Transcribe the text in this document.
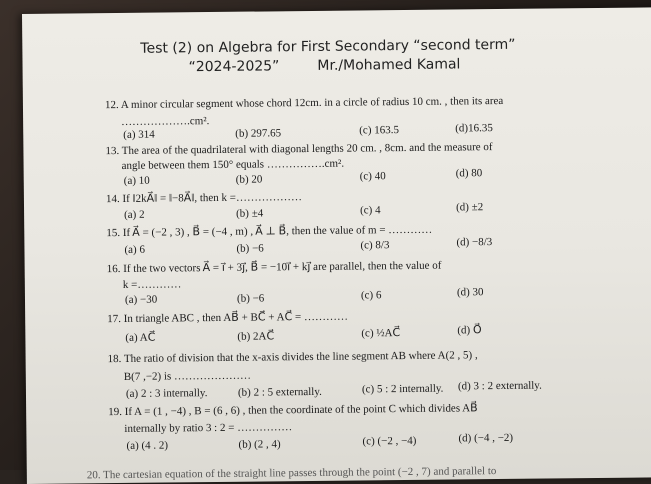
Test (2) on Algebra for First Secondary “second term”
“2024-2025”	Mr./Mohamed Kamal
12. A minor circular segment whose chord 12cm. in a circle of radius 10 cm. , then its area
……………….cm².
(a) 314	(b) 297.65	(c) 163.5	(d)16.35
13. The area of the quadrilateral with diagonal lengths 20 cm. , 8cm. and the measure of
angle between them 150° equals …………….cm².
(a) 10	(b) 20	(c) 40	(d) 80
14. If ‖2kA⃗‖ = ‖−8A⃗‖, then k =………………
(a) 2	(b) ±4	(c) 4	(d) ±2
15. If A⃗ = (−2 , 3) , B⃗ = (−4 , m) , A⃗ ⊥ B⃗, then the value of m = …………
(a) 6	(b) −6	(c) 8/3	(d) −8/3
16. If the two vectors A⃗ = i⃗ + 3j⃗, B⃗ = −10i⃗ + kj⃗ are parallel, then the value of
k =…………
(a) −30	(b) −6	(c) 6	(d) 30
17. In triangle ABC , then AB⃗ + BC⃗ + AC⃗ = …………
(a) AC⃗	(b) 2AC⃗	(c) ½AC⃗	(d) O⃗
18. The ratio of division that the x-axis divides the line segment AB where A(2 , 5) ,
B(7 ,−2) is …………………
(a) 2 : 3 internally.	(b) 2 : 5 externally.	(c) 5 : 2 internally. (d) 3 : 2 externally.
19. If A = (1 , −4) , B = (6 , 6) , then the coordinate of the point C which divides AB⃗
internally by ratio 3 : 2 = ……………
(a) (4 . 2)	(b) (2 , 4)	(c) (−2 , −4)	(d) (−4 , −2)
20. The cartesian equation of the straight line passes through the point (−2 , 7) and parallel to
